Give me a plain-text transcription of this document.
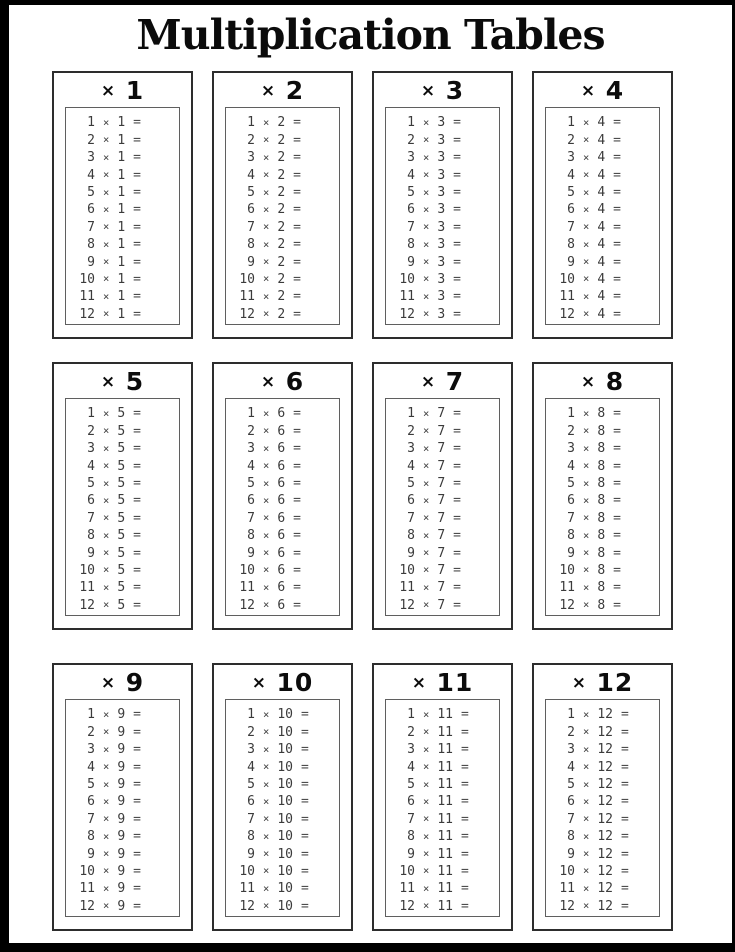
Multiplication Tables
× 1
1 × 1 =
2 × 1 =
3 × 1 =
4 × 1 =
5 × 1 =
6 × 1 =
7 × 1 =
8 × 1 =
9 × 1 =
10 × 1 =
11 × 1 =
12 × 1 =
× 2
1 × 2 =
2 × 2 =
3 × 2 =
4 × 2 =
5 × 2 =
6 × 2 =
7 × 2 =
8 × 2 =
9 × 2 =
10 × 2 =
11 × 2 =
12 × 2 =
× 3
1 × 3 =
2 × 3 =
3 × 3 =
4 × 3 =
5 × 3 =
6 × 3 =
7 × 3 =
8 × 3 =
9 × 3 =
10 × 3 =
11 × 3 =
12 × 3 =
× 4
1 × 4 =
2 × 4 =
3 × 4 =
4 × 4 =
5 × 4 =
6 × 4 =
7 × 4 =
8 × 4 =
9 × 4 =
10 × 4 =
11 × 4 =
12 × 4 =
× 5
1 × 5 =
2 × 5 =
3 × 5 =
4 × 5 =
5 × 5 =
6 × 5 =
7 × 5 =
8 × 5 =
9 × 5 =
10 × 5 =
11 × 5 =
12 × 5 =
× 6
1 × 6 =
2 × 6 =
3 × 6 =
4 × 6 =
5 × 6 =
6 × 6 =
7 × 6 =
8 × 6 =
9 × 6 =
10 × 6 =
11 × 6 =
12 × 6 =
× 7
1 × 7 =
2 × 7 =
3 × 7 =
4 × 7 =
5 × 7 =
6 × 7 =
7 × 7 =
8 × 7 =
9 × 7 =
10 × 7 =
11 × 7 =
12 × 7 =
× 8
1 × 8 =
2 × 8 =
3 × 8 =
4 × 8 =
5 × 8 =
6 × 8 =
7 × 8 =
8 × 8 =
9 × 8 =
10 × 8 =
11 × 8 =
12 × 8 =
× 9
1 × 9 =
2 × 9 =
3 × 9 =
4 × 9 =
5 × 9 =
6 × 9 =
7 × 9 =
8 × 9 =
9 × 9 =
10 × 9 =
11 × 9 =
12 × 9 =
× 10
1 × 10 =
2 × 10 =
3 × 10 =
4 × 10 =
5 × 10 =
6 × 10 =
7 × 10 =
8 × 10 =
9 × 10 =
10 × 10 =
11 × 10 =
12 × 10 =
× 11
1 × 11 =
2 × 11 =
3 × 11 =
4 × 11 =
5 × 11 =
6 × 11 =
7 × 11 =
8 × 11 =
9 × 11 =
10 × 11 =
11 × 11 =
12 × 11 =
× 12
1 × 12 =
2 × 12 =
3 × 12 =
4 × 12 =
5 × 12 =
6 × 12 =
7 × 12 =
8 × 12 =
9 × 12 =
10 × 12 =
11 × 12 =
12 × 12 =
